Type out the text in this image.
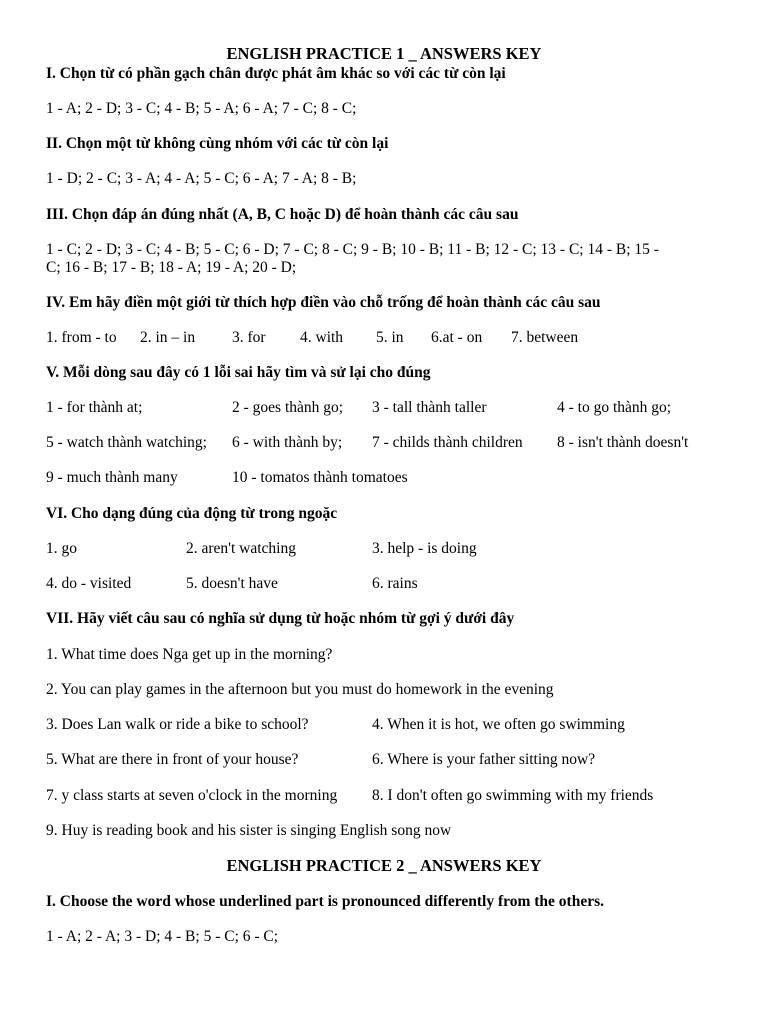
ENGLISH PRACTICE 1 _ ANSWERS KEY
I. Chọn từ có phần gạch chân được phát âm khác so với các từ còn lại
1 - A; 2 - D; 3 - C; 4 - B; 5 - A; 6 - A; 7 - C; 8 - C;
II. Chọn một từ không cùng nhóm với các từ còn lại
1 - D; 2 - C; 3 - A; 4 - A; 5 - C; 6 - A; 7 - A; 8 - B;
III. Chọn đáp án đúng nhất (A, B, C hoặc D) để hoàn thành các câu sau
1 - C; 2 - D; 3 - C; 4 - B; 5 - C; 6 - D; 7 - C; 8 - C; 9 - B; 10 - B; 11 - B; 12 - C; 13 - C; 14 - B; 15 -
C; 16 - B; 17 - B; 18 - A; 19 - A; 20 - D;
IV. Em hãy điền một giới từ thích hợp điền vào chỗ trống để hoàn thành các câu sau
1. from - to 2. in – in 3. for 4. with 5. in 6.at - on 7. between
V. Mỗi dòng sau đây có 1 lỗi sai hãy tìm và sử lại cho đúng
1 - for thành at;	2 - goes thành go; 3 - tall thành taller	4 - to go thành go;
5 - watch thành watching; 6 - with thành by; 7 - childs thành children 8 - isn't thành doesn't
9 - much thành many	10 - tomatos thành tomatoes
VI. Cho dạng đúng của động từ trong ngoặc
1. go	2. aren't watching	3. help - is doing
4. do - visited	5. doesn't have	6. rains
VII. Hãy viết câu sau có nghĩa sử dụng từ hoặc nhóm từ gợi ý dưới đây
1. What time does Nga get up in the morning?
2. You can play games in the afternoon but you must do homework in the evening
3. Does Lan walk or ride a bike to school?	4. When it is hot, we often go swimming
5. What are there in front of your house?	6. Where is your father sitting now?
7. y class starts at seven o'clock in the morning 8. I don't often go swimming with my friends
9. Huy is reading book and his sister is singing English song now
ENGLISH PRACTICE 2 _ ANSWERS KEY
I. Choose the word whose underlined part is pronounced differently from the others.
1 - A; 2 - A; 3 - D; 4 - B; 5 - C; 6 - C;
